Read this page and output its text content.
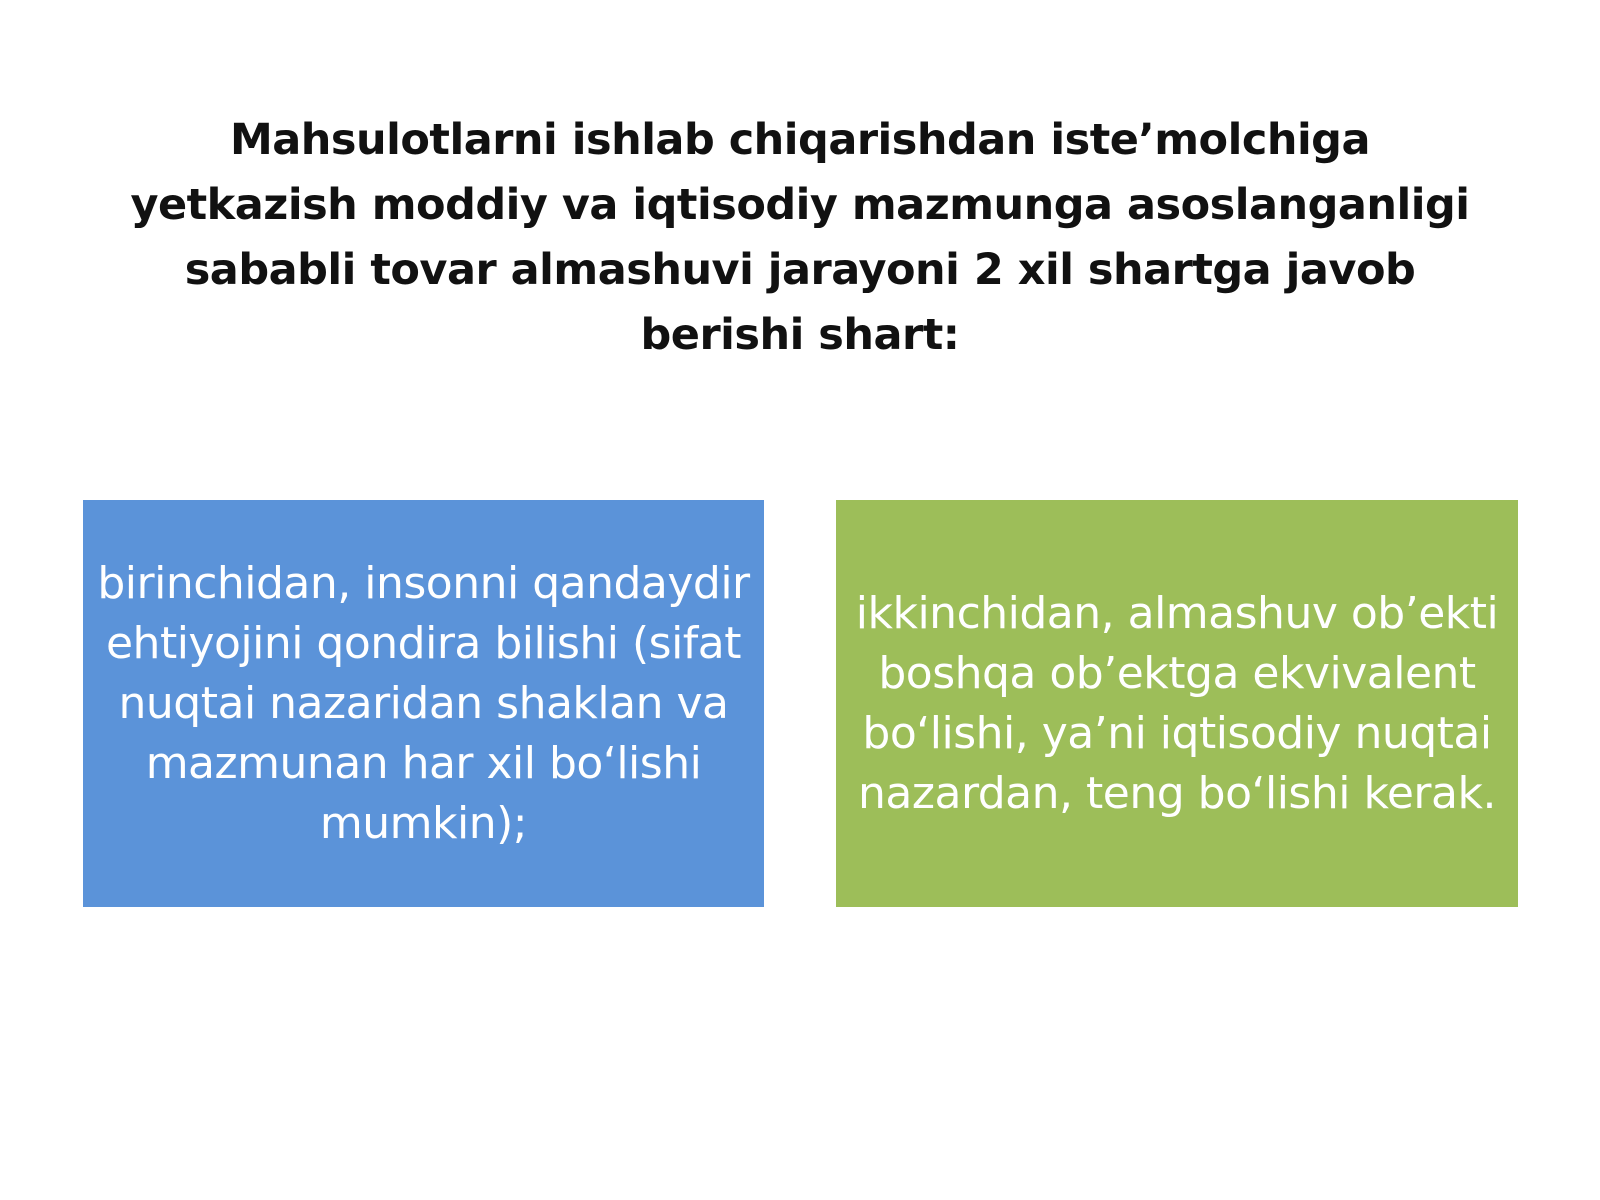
Mahsulotlarni ishlab chiqarishdan iste’molchiga yetkazish moddiy va iqtisodiy mazmunga asoslanganligi sababli tovar almashuvi jarayoni 2 xil shartga javob berishi shart:
birinchidan, insonni qandaydir ehtiyojini qondira bilishi (sifat nuqtai nazaridan shaklan va mazmunan har xil bo‘lishi mumkin);
ikkinchidan, almashuv ob’ekti boshqa ob’ektga ekvivalent bo‘lishi, ya’ni iqtisodiy nuqtai nazardan, teng bo‘lishi kerak.
